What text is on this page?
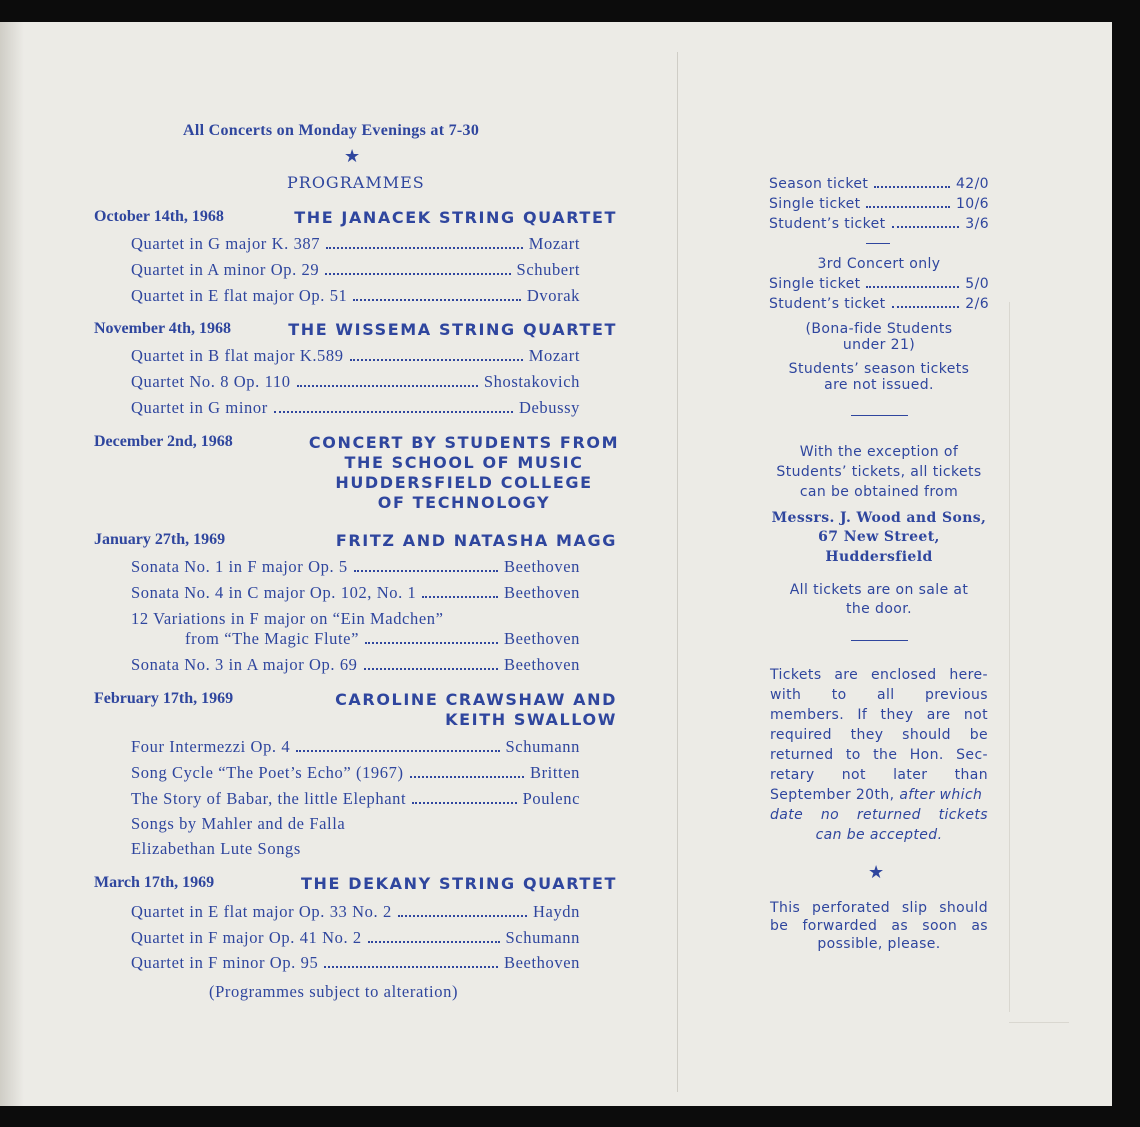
All Concerts on Monday Evenings at 7-30
★
PROGRAMMES
October 14th, 1968	THE JANACEK STRING QUARTET
Quartet in G major K. 387	Mozart
Quartet in A minor Op. 29	Schubert
Quartet in E flat major Op. 51	Dvorak
November 4th, 1968	THE WISSEMA STRING QUARTET
Quartet in B flat major K.589	Mozart
Quartet No. 8 Op. 110	Shostakovich
Quartet in G minor	Debussy
December 2nd, 1968	CONCERT BY STUDENTS FROM
THE SCHOOL OF MUSIC
HUDDERSFIELD COLLEGE
OF TECHNOLOGY
January 27th, 1969	FRITZ AND NATASHA MAGG
Sonata No. 1 in F major Op. 5	Beethoven
Sonata No. 4 in C major Op. 102, No. 1	Beethoven
12 Variations in F major on “Ein Madchen”
from “The Magic Flute”	Beethoven
Sonata No. 3 in A major Op. 69	Beethoven
February 17th, 1969	CAROLINE CRAWSHAW AND
KEITH SWALLOW
Four Intermezzi Op. 4	Schumann
Song Cycle “The Poet’s Echo” (1967)	Britten
The Story of Babar, the little Elephant	Poulenc
Songs by Mahler and de Falla
Elizabethan Lute Songs
March 17th, 1969	THE DEKANY STRING QUARTET
Quartet in E flat major Op. 33 No. 2	Haydn
Quartet in F major Op. 41 No. 2	Schumann
Quartet in F minor Op. 95	Beethoven
(Programmes subject to alteration)
Season ticket	42/0
Single ticket	10/6
Student’s ticket	3/6
3rd Concert only
Single ticket	5/0
Student’s ticket	2/6
(Bona-fide Students
under 21)
Students’ season tickets
are not issued.
With the exception of
Students’ tickets, all tickets
can be obtained from
Messrs. J. Wood and Sons,
67 New Street,
Huddersfield
All tickets are on sale at
the door.
Tickets are enclosed here-
with to all previous
members. If they are not
required they should be
returned to the Hon. Sec-
retary not later than
September 20th, after which
date no returned tickets
can be accepted.
★
This perforated slip should
be forwarded as soon as
possible, please.
